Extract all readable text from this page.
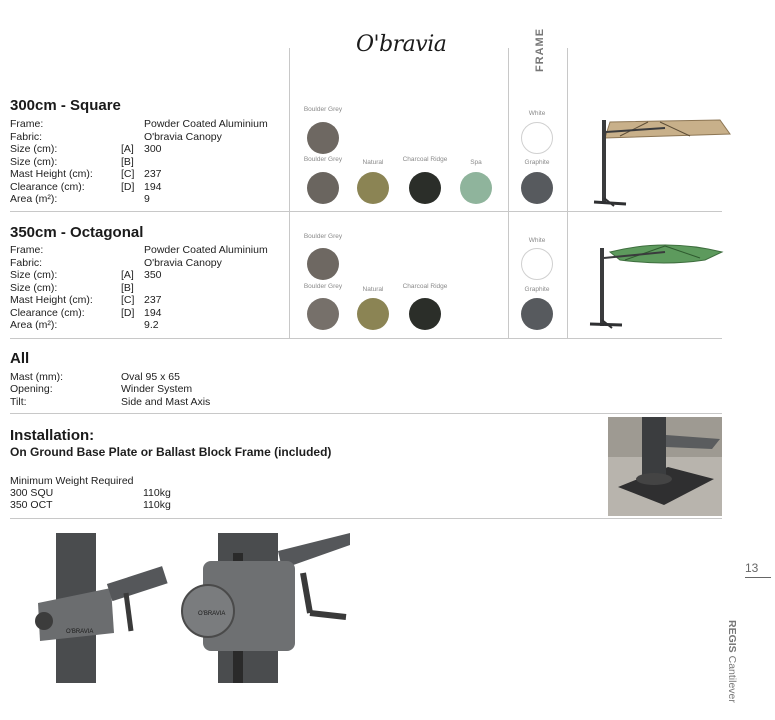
O'bravia	FRAME
300cm - Square
Frame:	Powder Coated Aluminium
Fabric:	O'bravia Canopy
Size (cm):	[A] 300
Size (cm):	[B]
Mast Height (cm):	[C] 237
Clearance (cm):	[D] 194
Area (m²):	9
Boulder Grey
Boulder Grey	Natural	Charcoal Ridge	Spa
White
Graphite
350cm - Octagonal
Frame:	Powder Coated Aluminium
Fabric:	O'bravia Canopy
Size (cm):	[A] 350
Size (cm):	[B]
Mast Height (cm):	[C] 237
Clearance (cm):	[D] 194
Area (m²):	9.2
Boulder Grey
Boulder Grey	Natural	Charcoal Ridge
White
Graphite
All
Mast (mm):	Oval 95 x 65
Opening:	Winder System
Tilt:	Side and Mast Axis
Installation:
On Ground Base Plate or Ballast Block Frame (included)
Minimum Weight Required
300 SQU	110kg
350 OCT	110kg
O'BRAVIA
O'BRAVIA
13
REGIS Cantilever
